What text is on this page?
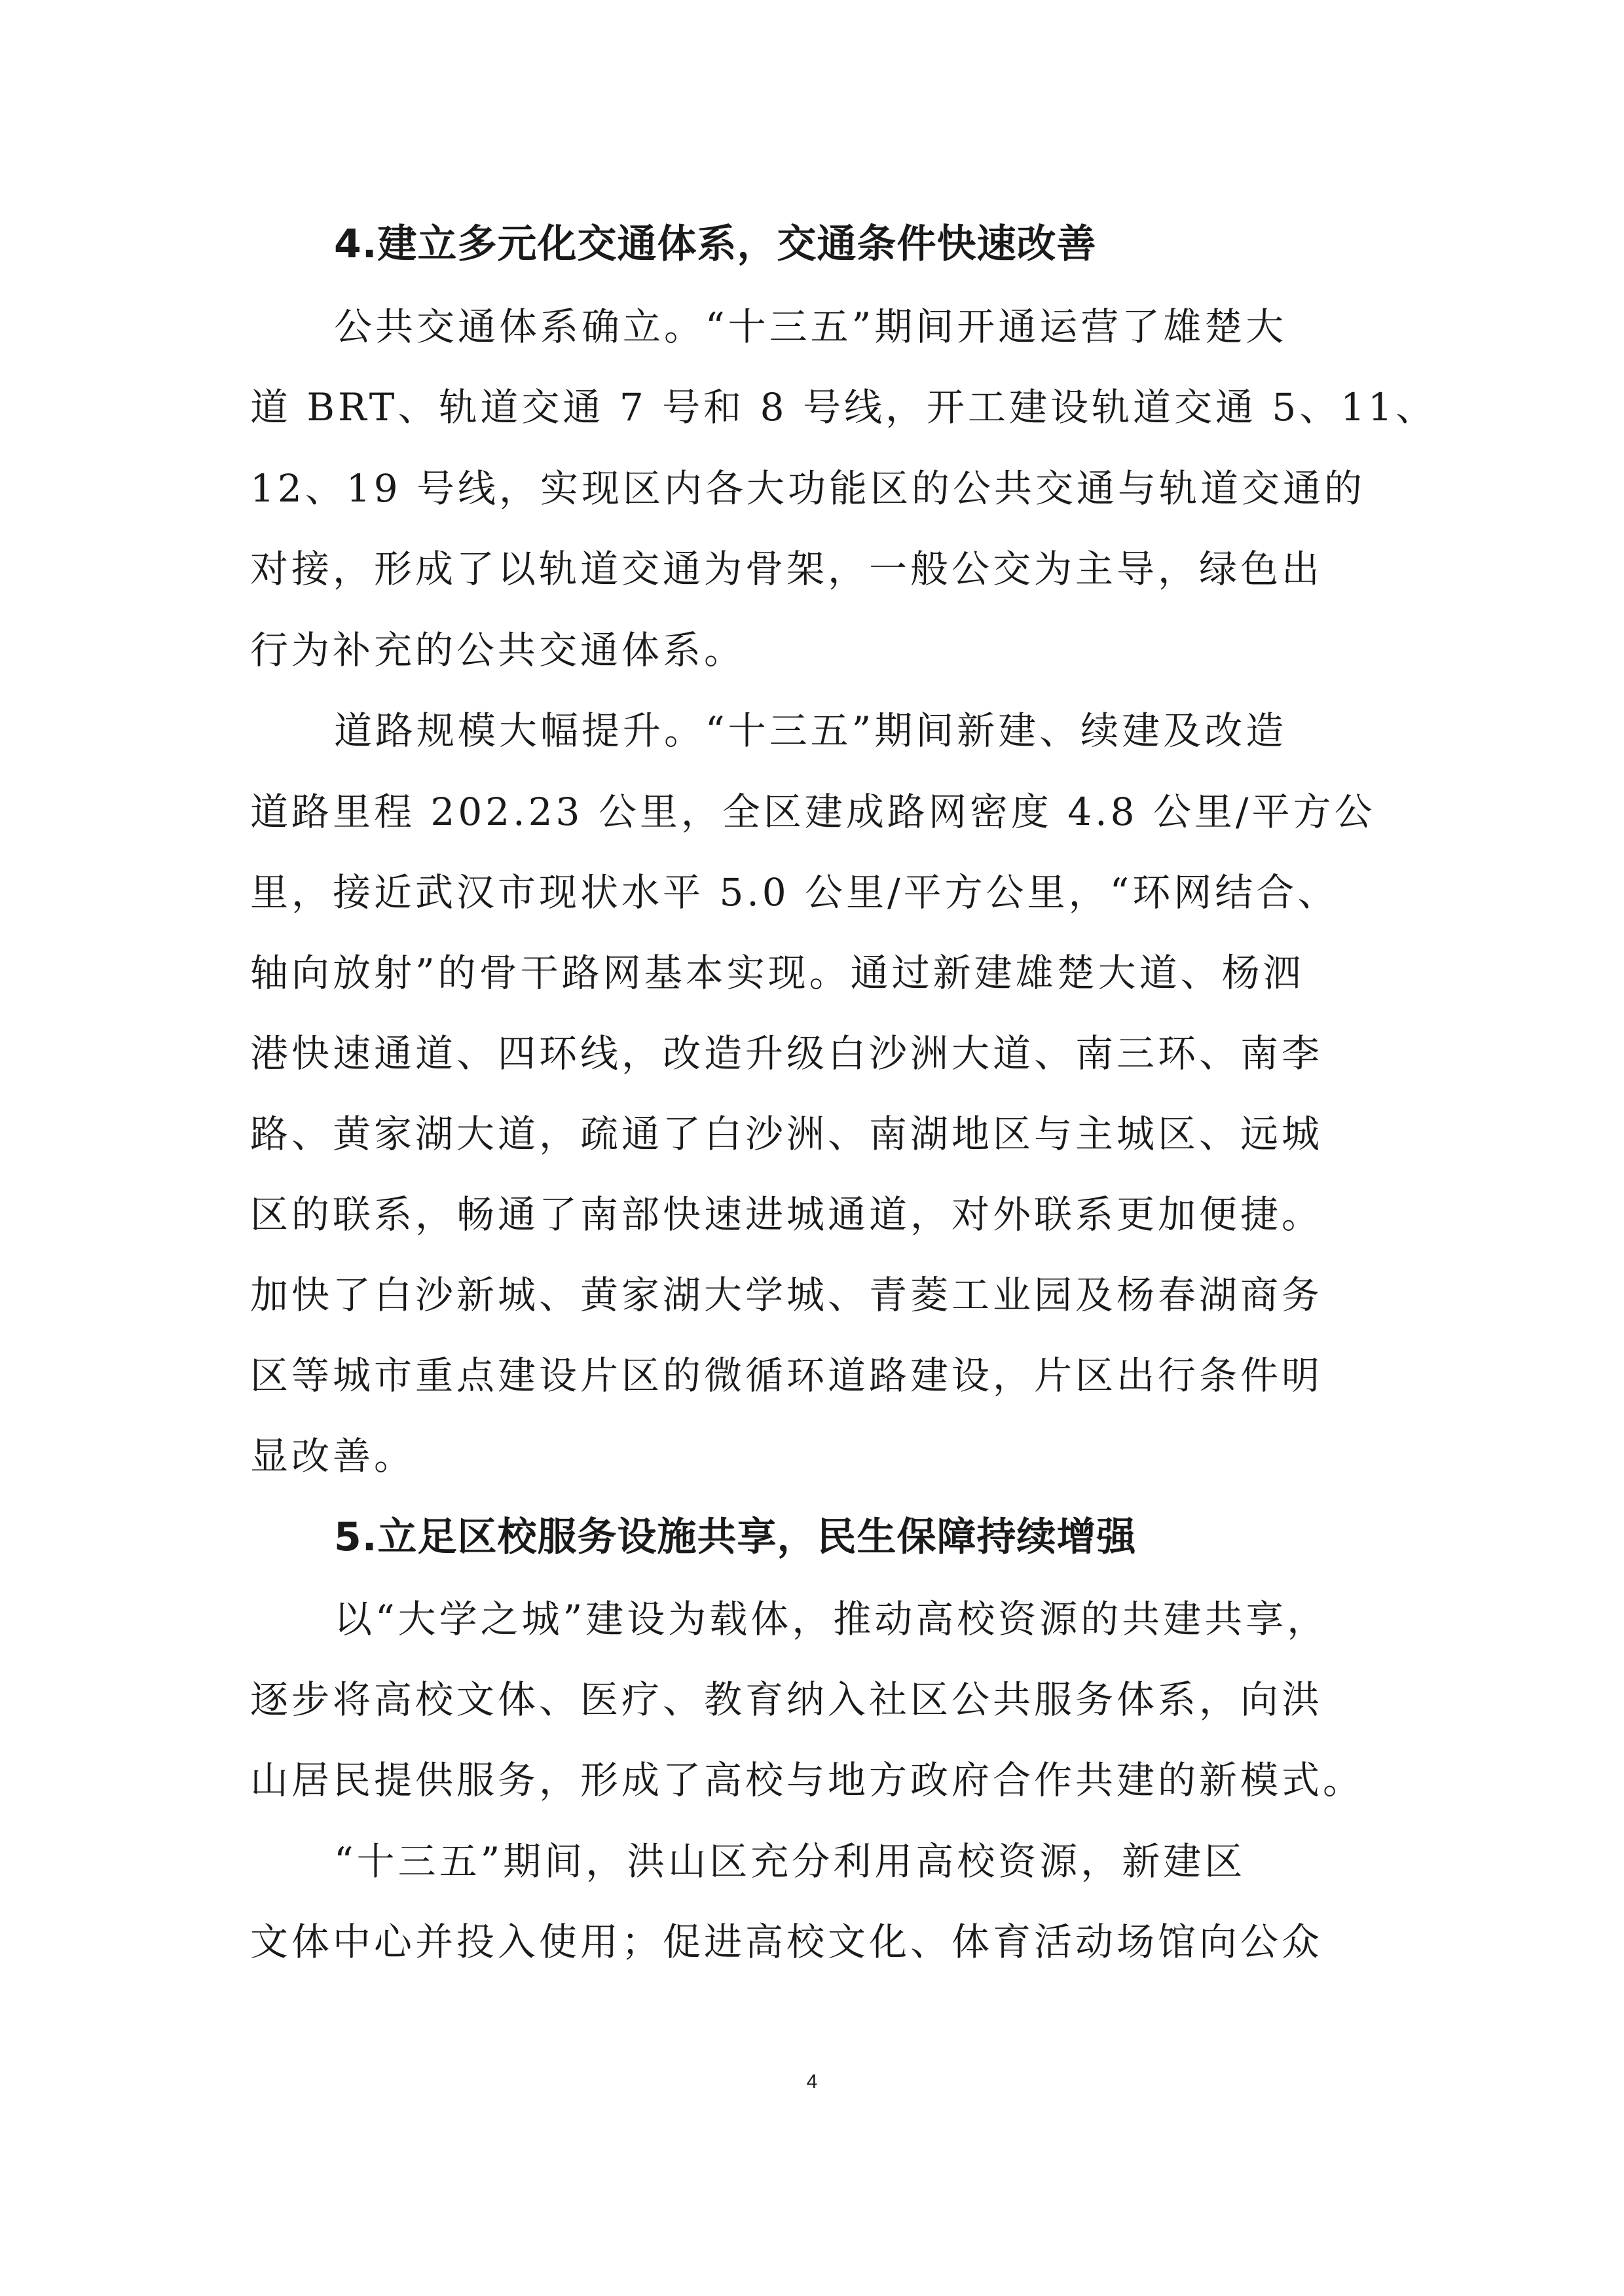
4.建立多元化交通体系，交通条件快速改善

公共交通体系确立。“十三五”期间开通运营了雄楚大

道 BRT、轨道交通 7 号和 8 号线，开工建设轨道交通 5、11、

12、19 号线，实现区内各大功能区的公共交通与轨道交通的

对接，形成了以轨道交通为骨架，一般公交为主导，绿色出

行为补充的公共交通体系。

道路规模大幅提升。“十三五”期间新建、续建及改造

道路里程 202.23 公里，全区建成路网密度 4.8 公里/平方公

里，接近武汉市现状水平 5.0 公里/平方公里，“环网结合、

轴向放射”的骨干路网基本实现。通过新建雄楚大道、杨泗

港快速通道、四环线，改造升级白沙洲大道、南三环、南李

路、黄家湖大道，疏通了白沙洲、南湖地区与主城区、远城

区的联系，畅通了南部快速进城通道，对外联系更加便捷。

加快了白沙新城、黄家湖大学城、青菱工业园及杨春湖商务

区等城市重点建设片区的微循环道路建设，片区出行条件明

显改善。

5.立足区校服务设施共享，民生保障持续增强

以“大学之城”建设为载体，推动高校资源的共建共享，

逐步将高校文体、医疗、教育纳入社区公共服务体系，向洪

山居民提供服务，形成了高校与地方政府合作共建的新模式。

“十三五”期间，洪山区充分利用高校资源，新建区

文体中心并投入使用；促进高校文化、体育活动场馆向公众

4
